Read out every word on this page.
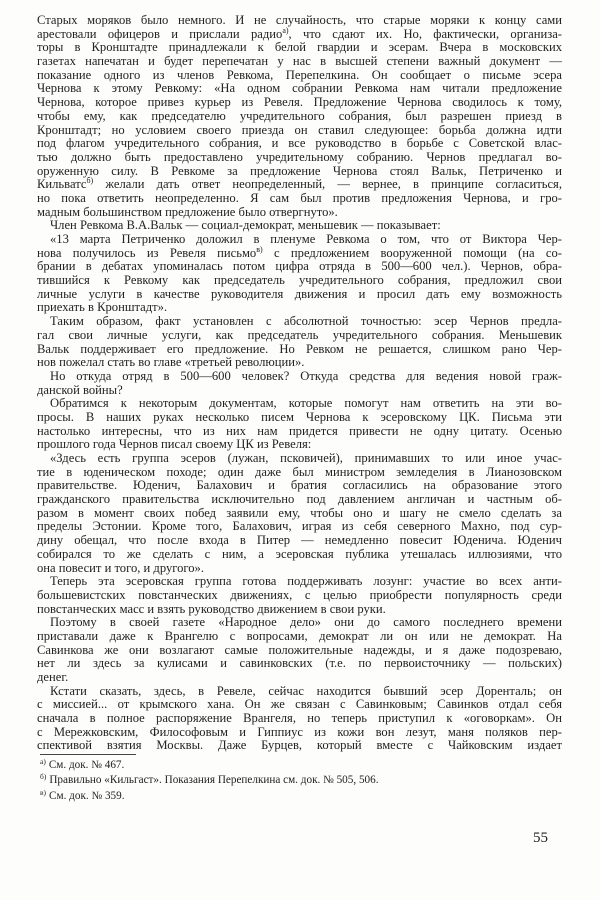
Старых моряков было немного. И не случайность, что старые моряки к концу сами
арестовали офицеров и прислали радио$^{а)}$, что сдают их. Но, фактически, организа-
торы в Кронштадте принадлежали к белой гвардии и эсерам. Вчера в московских
газетах напечатан и будет перепечатан у нас в высшей степени важный документ —
показание одного из членов Ревкома, Перепелкина. Он сообщает о письме эсера
Чернова к этому Ревкому: «На одном собрании Ревкома нам читали предложение
Чернова, которое привез курьер из Ревеля. Предложение Чернова сводилось к тому,
чтобы ему, как председателю учредительного собрания, был разрешен приезд в
Кронштадт; но условием своего приезда он ставил следующее: борьба должна идти
под флагом учредительного собрания, и все руководство в борьбе с Советской влас-
тью должно быть предоставлено учредительному собранию. Чернов предлагал во-
оруженную силу. В Ревкоме за предложение Чернова стоял Вальк, Петриченко и
Кильватс$^{б)}$ желали дать ответ неопределенный, — вернее, в принципе согласиться,
но пока ответить неопределенно. Я сам был против предложения Чернова, и гро-
мадным большинством предложение было отвергнуто».
Член Ревкома В.А.Вальк — социал-демократ, меньшевик — показывает:
«13 марта Петриченко доложил в пленуме Ревкома о том, что от Виктора Чер-
нова получилось из Ревеля письмо$^{в)}$ с предложением вооруженной помощи (на со-
брании в дебатах упоминалась потом цифра отряда в 500—600 чел.). Чернов, обра-
тившийся к Ревкому как председатель учредительного собрания, предложил свои
личные услуги в качестве руководителя движения и просил дать ему возможность
приехать в Кронштадт».
Таким образом, факт установлен с абсолютной точностью: эсер Чернов предла-
гал свои личные услуги, как председатель учредительного собрания. Меньшевик
Вальк поддерживает его предложение. Но Ревком не решается, слишком рано Чер-
нов пожелал стать во главе «третьей революции».
Но откуда отряд в 500—600 человек? Откуда средства для ведения новой граж-
данской войны?
Обратимся к некоторым документам, которые помогут нам ответить на эти во-
просы. В наших руках несколько писем Чернова к эсеровскому ЦК. Письма эти
настолько интересны, что из них нам придется привести не одну цитату. Осенью
прошлого года Чернов писал своему ЦК из Ревеля:
«Здесь есть группа эсеров (лужан, псковичей), принимавших то или иное учас-
тие в юденическом походе; один даже был министром земледелия в Лианозовском
правительстве. Юденич, Балахович и братия согласились на образование этого
гражданского правительства исключительно под давлением англичан и частным об-
разом в момент своих побед заявили ему, чтобы оно и шагу не смело сделать за
пределы Эстонии. Кроме того, Балахович, играя из себя северного Махно, под сур-
дину обещал, что после входа в Питер — немедленно повесит Юденича. Юденич
собирался то же сделать с ним, а эсеровская публика утешалась иллюзиями, что
она повесит и того, и другого».
Теперь эта эсеровская группа готова поддерживать лозунг: участие во всех анти-
большевистских повстанческих движениях, с целью приобрести популярность среди
повстанческих масс и взять руководство движением в свои руки.
Поэтому в своей газете «Народное дело» они до самого последнего времени
приставали даже к Врангелю с вопросами, демократ ли он или не демократ. На
Савинкова же они возлагают самые положительные надежды, и я даже подозреваю,
нет ли здесь за кулисами и савинковских (т.е. по первоисточнику — польских)
денег.
Кстати сказать, здесь, в Ревеле, сейчас находится бывший эсер Доренталь; он
с миссией... от крымского хана. Он же связан с Савинковым; Савинков отдал себя
сначала в полное распоряжение Врангеля, но теперь приступил к «оговоркам». Он
с Мережковским, Философовым и Гиппиус из кожи вон лезут, маня поляков пер-
спективой взятия Москвы. Даже Бурцев, который вместе с Чайковским издает
$^{а)}$ См. док. № 467.
$^{б)}$ Правильно «Кильгаст». Показания Перепелкина см. док. № 505, 506.
$^{в)}$ См. док. № 359.
55
